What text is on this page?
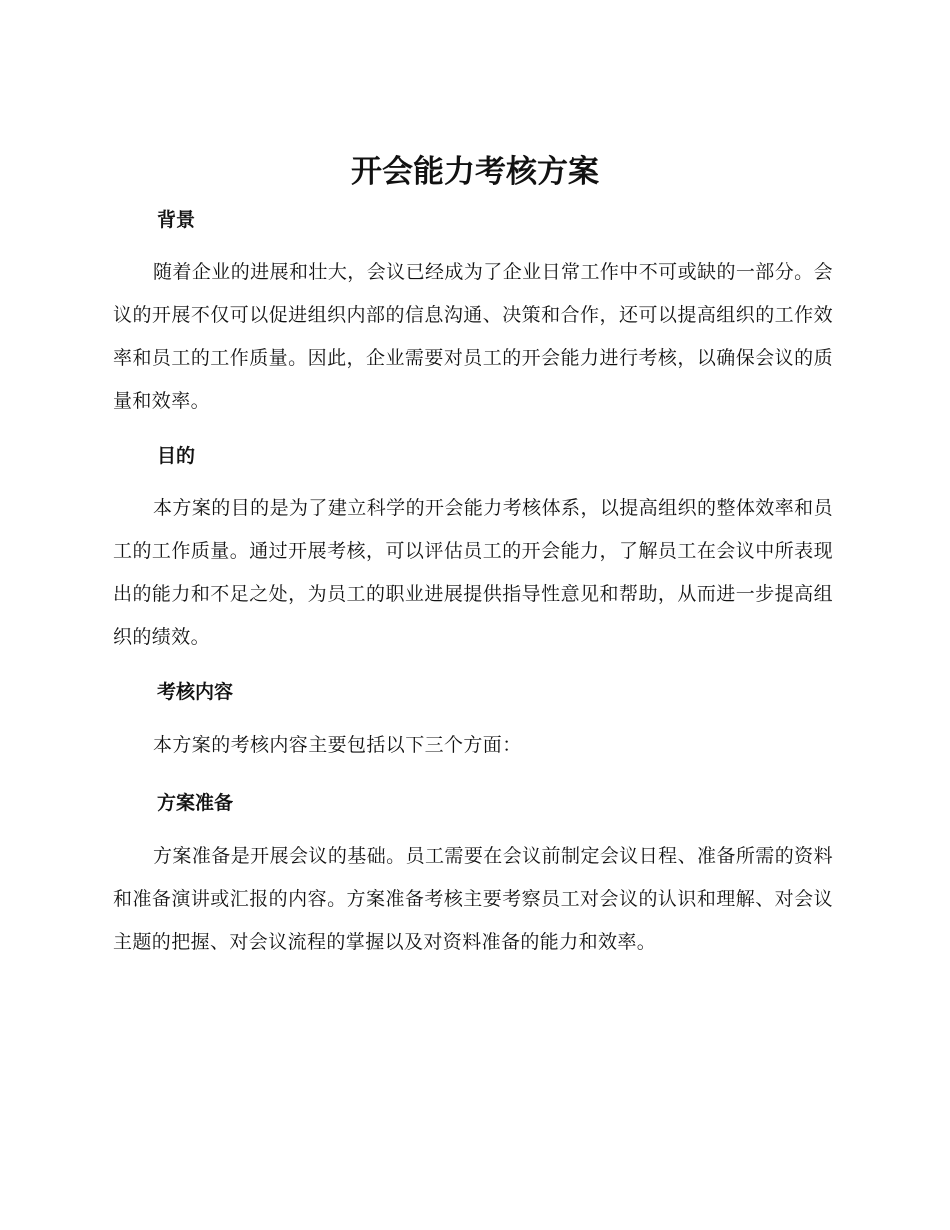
开会能力考核方案
背景
随着企业的进展和壮大，会议已经成为了企业日常工作中不可或缺的一部分。会议的开展不仅可以促进组织内部的信息沟通、决策和合作，还可以提高组织的工作效率和员工的工作质量。因此，企业需要对员工的开会能力进行考核，以确保会议的质量和效率。
目的
本方案的目的是为了建立科学的开会能力考核体系，以提高组织的整体效率和员工的工作质量。通过开展考核，可以评估员工的开会能力，了解员工在会议中所表现出的能力和不足之处，为员工的职业进展提供指导性意见和帮助，从而进一步提高组织的绩效。
考核内容
本方案的考核内容主要包括以下三个方面：
方案准备
方案准备是开展会议的基础。员工需要在会议前制定会议日程、准备所需的资料和准备演讲或汇报的内容。方案准备考核主要考察员工对会议的认识和理解、对会议主题的把握、对会议流程的掌握以及对资料准备的能力和效率。
